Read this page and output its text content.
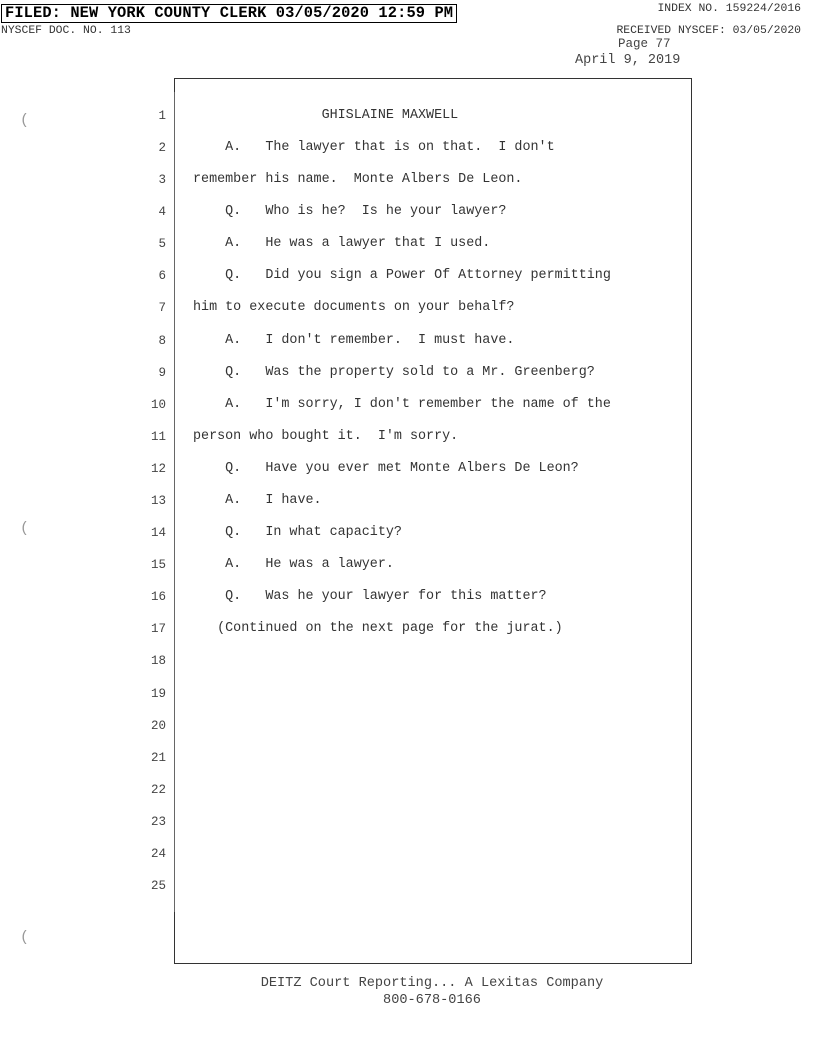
FILED: NEW YORK COUNTY CLERK 03/05/2020 12:59 PM
NYSCEF DOC. NO. 113
INDEX NO. 159224/2016
RECEIVED NYSCEF: 03/05/2020
Page 77
April 9, 2019
1 GHISLAINE MAXWELL
2 A.   The lawyer that is on that.  I don't
3 remember his name.  Monte Albers De Leon.
4 Q.   Who is he?  Is he your lawyer?
5 A.   He was a lawyer that I used.
6 Q.   Did you sign a Power Of Attorney permitting
7 him to execute documents on your behalf?
8 A.   I don't remember.  I must have.
9 Q.   Was the property sold to a Mr. Greenberg?
10 A.   I'm sorry, I don't remember the name of the
11 person who bought it.  I'm sorry.
12 Q.   Have you ever met Monte Albers De Leon?
13 A.   I have.
14 Q.   In what capacity?
15 A.   He was a lawyer.
16 Q.   Was he your lawyer for this matter?
17 (Continued on the next page for the jurat.)
18
19
20
21
22
23
24
25
(
(
(
DEITZ Court Reporting... A Lexitas Company
800-678-0166
